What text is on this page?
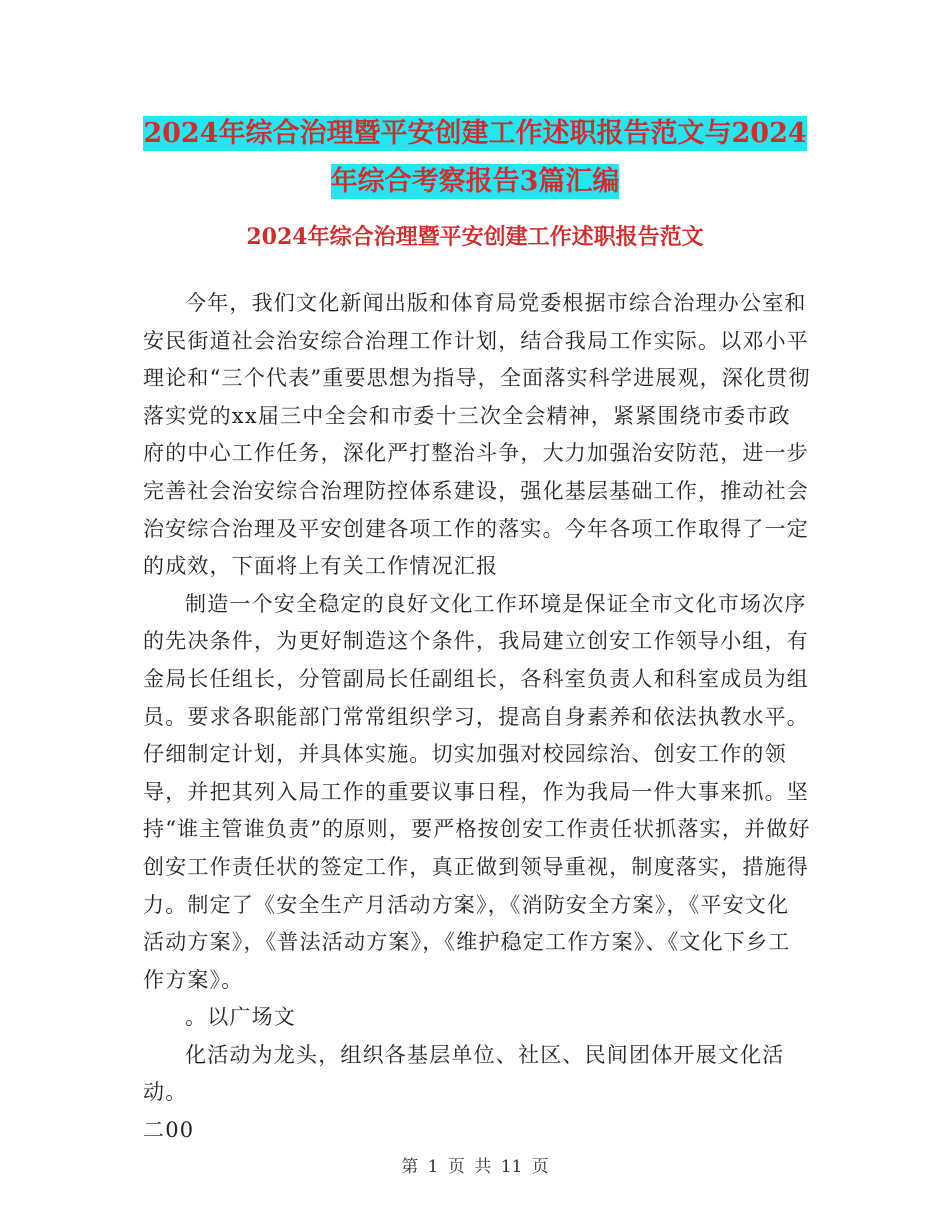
2024年综合治理暨平安创建工作述职报告范文与2024
年综合考察报告3篇汇编
2024年综合治理暨平安创建工作述职报告范文

今年，我们文化新闻出版和体育局党委根据市综合治理办公室和安民街道社会治安综合治理工作计划，结合我局工作实际。以邓小平理论和“三个代表”重要思想为指导，全面落实科学进展观，深化贯彻落实党的xx届三中全会和市委十三次全会精神，紧紧围绕市委市政府的中心工作任务，深化严打整治斗争，大力加强治安防范，进一步完善社会治安综合治理防控体系建设，强化基层基础工作，推动社会治安综合治理及平安创建各项工作的落实。今年各项工作取得了一定的成效，下面将上有关工作情况汇报

制造一个安全稳定的良好文化工作环境是保证全市文化市场次序的先决条件，为更好制造这个条件，我局建立创安工作领导小组，有金局长任组长，分管副局长任副组长，各科室负责人和科室成员为组员。要求各职能部门常常组织学习，提高自身素养和依法执教水平。仔细制定计划，并具体实施。切实加强对校园综治、创安工作的领导，并把其列入局工作的重要议事日程，作为我局一件大事来抓。坚持“谁主管谁负责”的原则，要严格按创安工作责任状抓落实，并做好创安工作责任状的签定工作，真正做到领导重视，制度落实，措施得力。制定了《安全生产月活动方案》，《消防安全方案》，《平安文化活动方案》，《普法活动方案》，《维护稳定工作方案》、《文化下乡工作方案》。

。以广场文

化活动为龙头，组织各基层单位、社区、民间团体开展文化活动。

二00

第 1 页 共 11 页
